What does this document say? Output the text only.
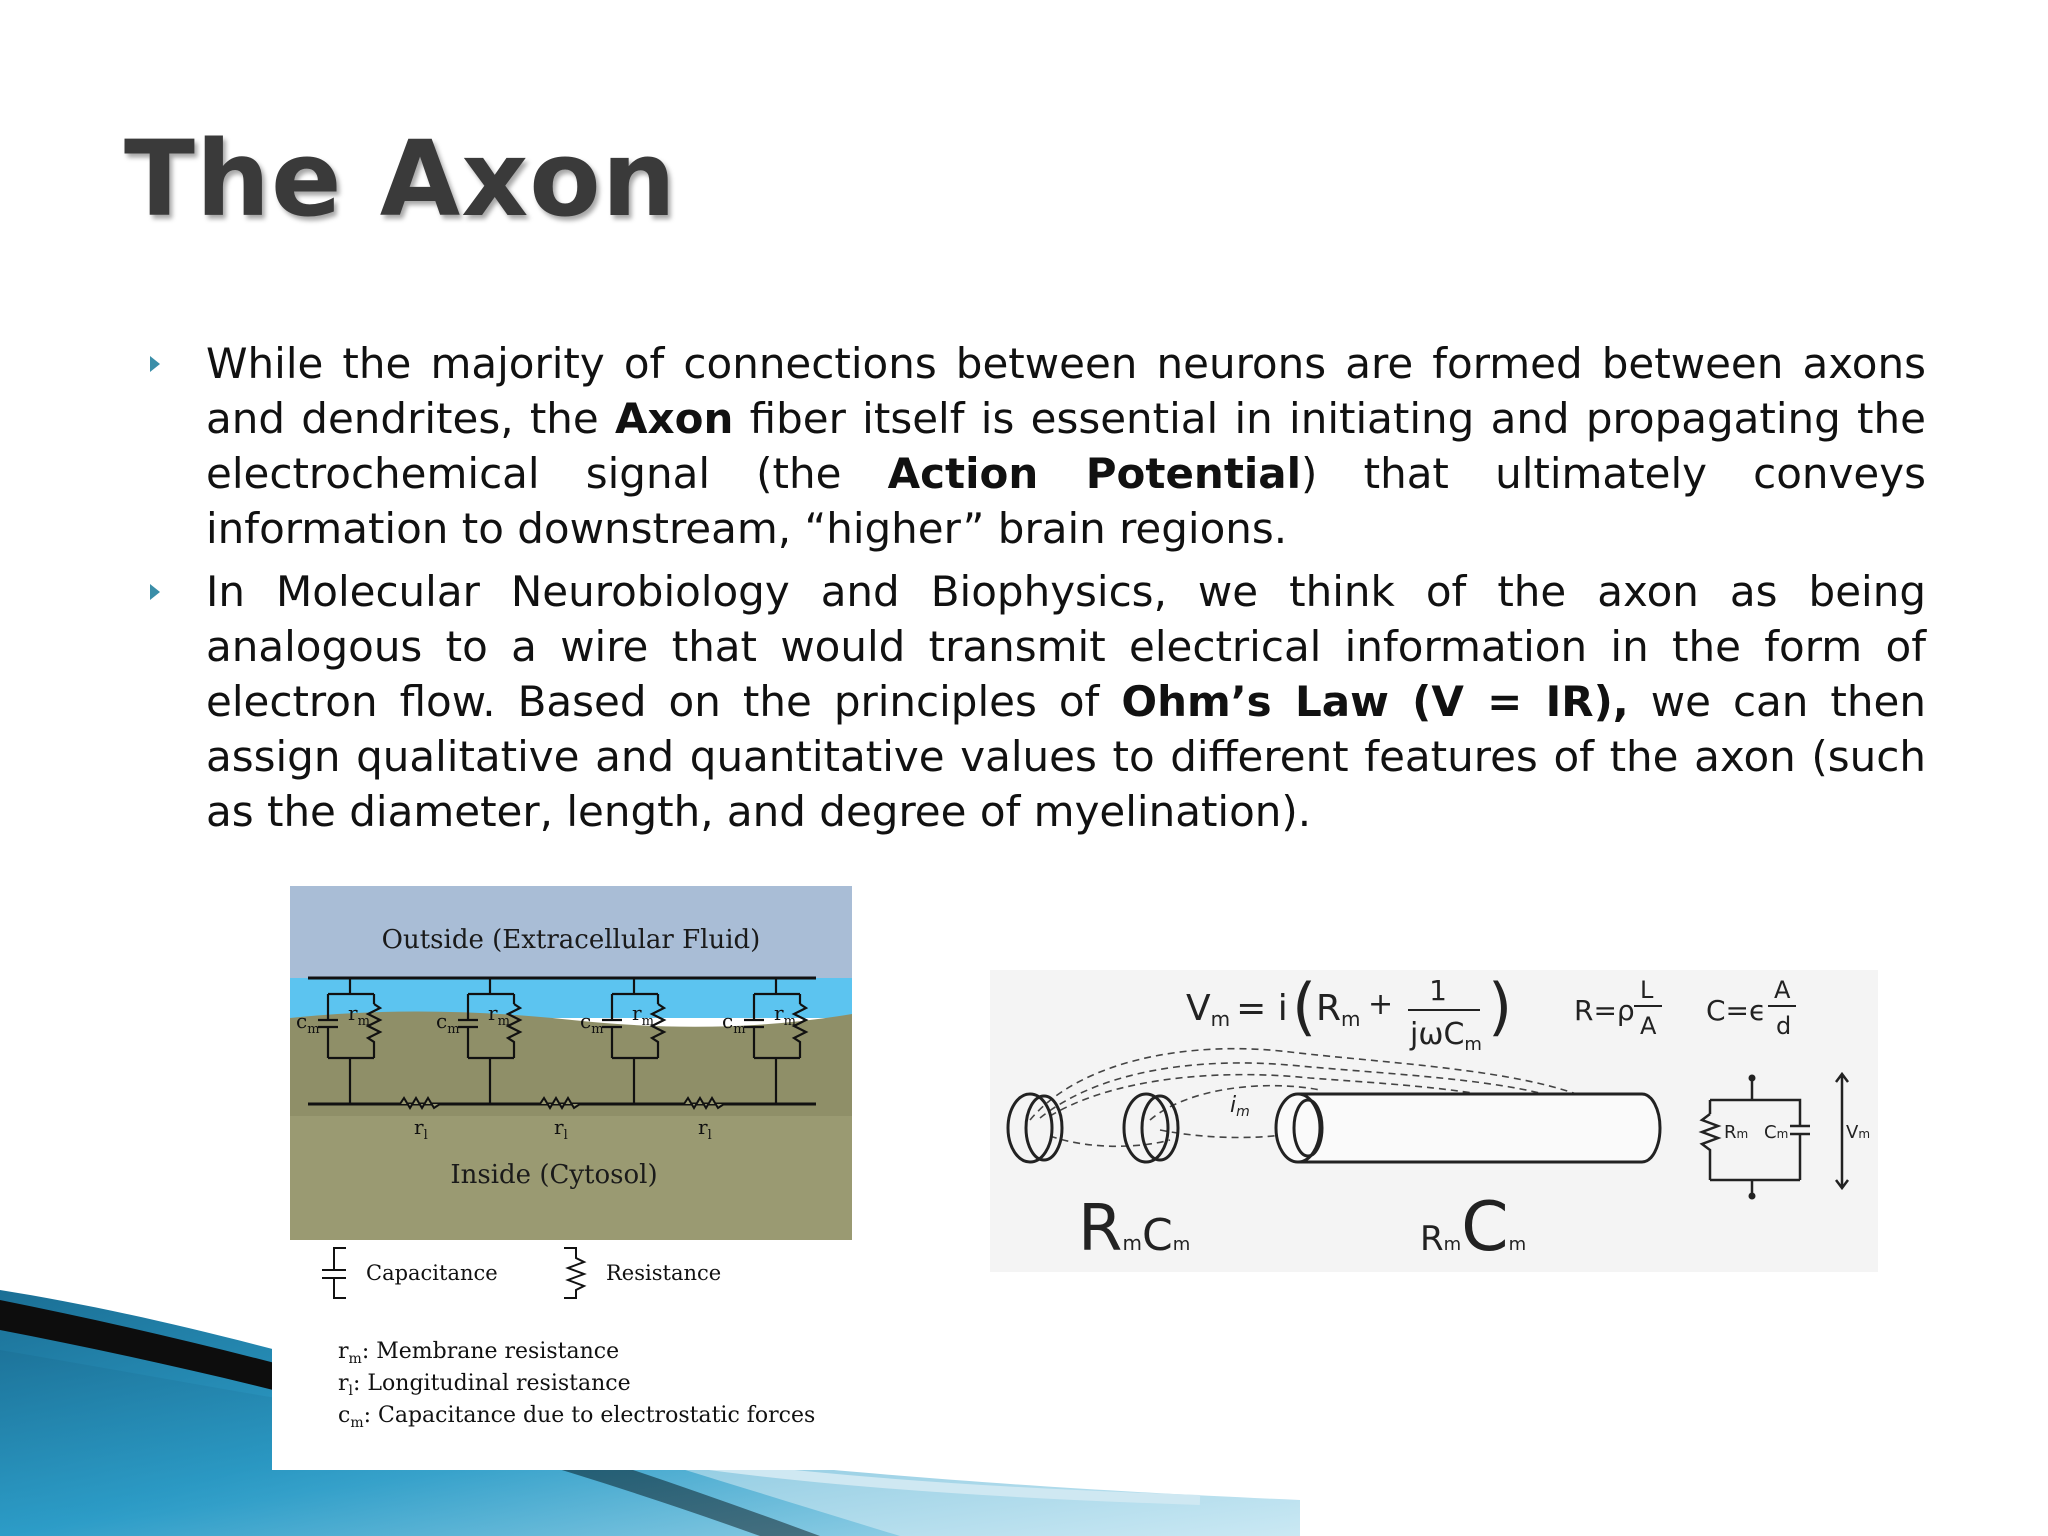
The Axon
While the majority of connections between neurons are formed between axons and dendrites, the Axon fiber itself is essential in initiating and propagating the electrochemical signal (the Action Potential) that ultimately conveys information to downstream, “higher” brain regions.
In Molecular Neurobiology and Biophysics, we think of the axon as being analogous to a wire that would transmit electrical information in the form of electron flow. Based on the principles of Ohm’s Law (V = IR), we can then assign qualitative and quantitative values to different features of the axon (such as the diameter, length, and degree of myelination).
Outside (Extracellular Fluid)
Inside (Cytosol)
$c_m$
$r_m$
$r_l$
$c_m$
$r_m$
$r_l$
$c_m$
$r_m$
$r_l$
$c_m$
$r_m$
Capacitance	Resistance
$r_m$: Membrane resistance
$r_l$: Longitudinal resistance
$c_m$: Capacitance due to electrostatic forces
Vm = i ( Rm + 1
jωC$_m$
) R=ρ
L
A C=ϵ
A
d
im
RmCm	RmCm
Rm Cm	Vm
